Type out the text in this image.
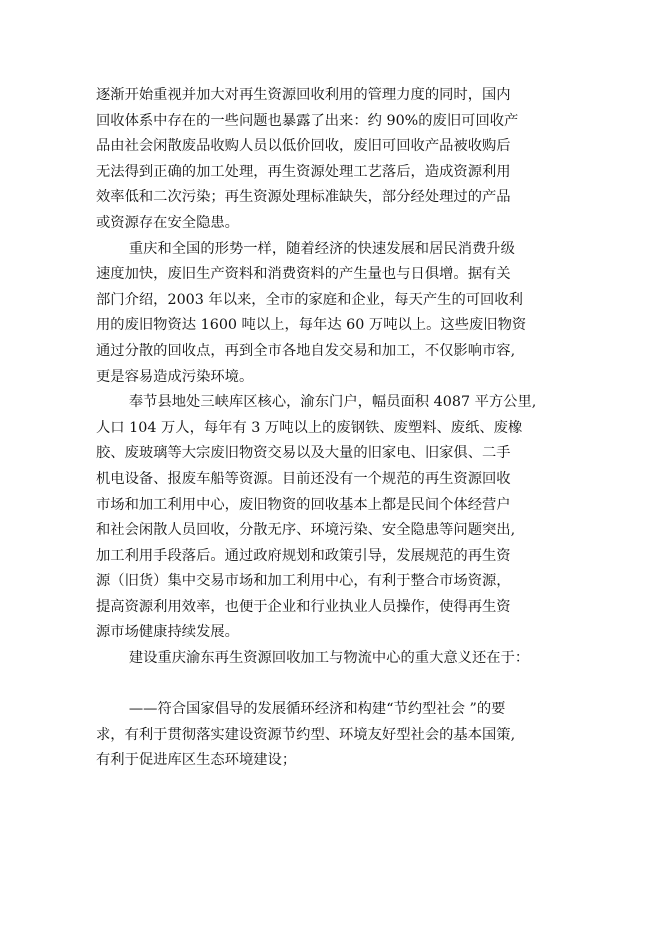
逐渐开始重视并加大对再生资源回收利用的管理力度的同时，国内
回收体系中存在的一些问题也暴露了出来：约 90%的废旧可回收产
品由社会闲散废品收购人员以低价回收，废旧可回收产品被收购后
无法得到正确的加工处理，再生资源处理工艺落后，造成资源利用
效率低和二次污染；再生资源处理标准缺失，部分经处理过的产品
或资源存在安全隐患。
重庆和全国的形势一样，随着经济的快速发展和居民消费升级
速度加快，废旧生产资料和消费资料的产生量也与日俱增。据有关
部门介绍，2003 年以来，全市的家庭和企业，每天产生的可回收利
用的废旧物资达 1600 吨以上，每年达 60 万吨以上。这些废旧物资
通过分散的回收点，再到全市各地自发交易和加工，不仅影响市容,
更是容易造成污染环境。
奉节县地处三峡库区核心，渝东门户，幅员面积 4087 平方公里,
人口 104 万人，每年有 3 万吨以上的废钢铁、废塑料、废纸、废橡
胶、废玻璃等大宗废旧物资交易以及大量的旧家电、旧家俱、二手
机电设备、报废车船等资源。目前还没有一个规范的再生资源回收
市场和加工利用中心，废旧物资的回收基本上都是民间个体经营户
和社会闲散人员回收，分散无序、环境污染、安全隐患等问题突出,
加工利用手段落后。通过政府规划和政策引导，发展规范的再生资
源（旧货）集中交易市场和加工利用中心，有利于整合市场资源，
提高资源利用效率，也便于企业和行业执业人员操作，使得再生资
源市场健康持续发展。
建设重庆渝东再生资源回收加工与物流中心的重大意义还在于：
——符合国家倡导的发展循环经济和构建“节约型社会 ”的要
求，有利于贯彻落实建设资源节约型、环境友好型社会的基本国策,
有利于促进库区生态环境建设；
